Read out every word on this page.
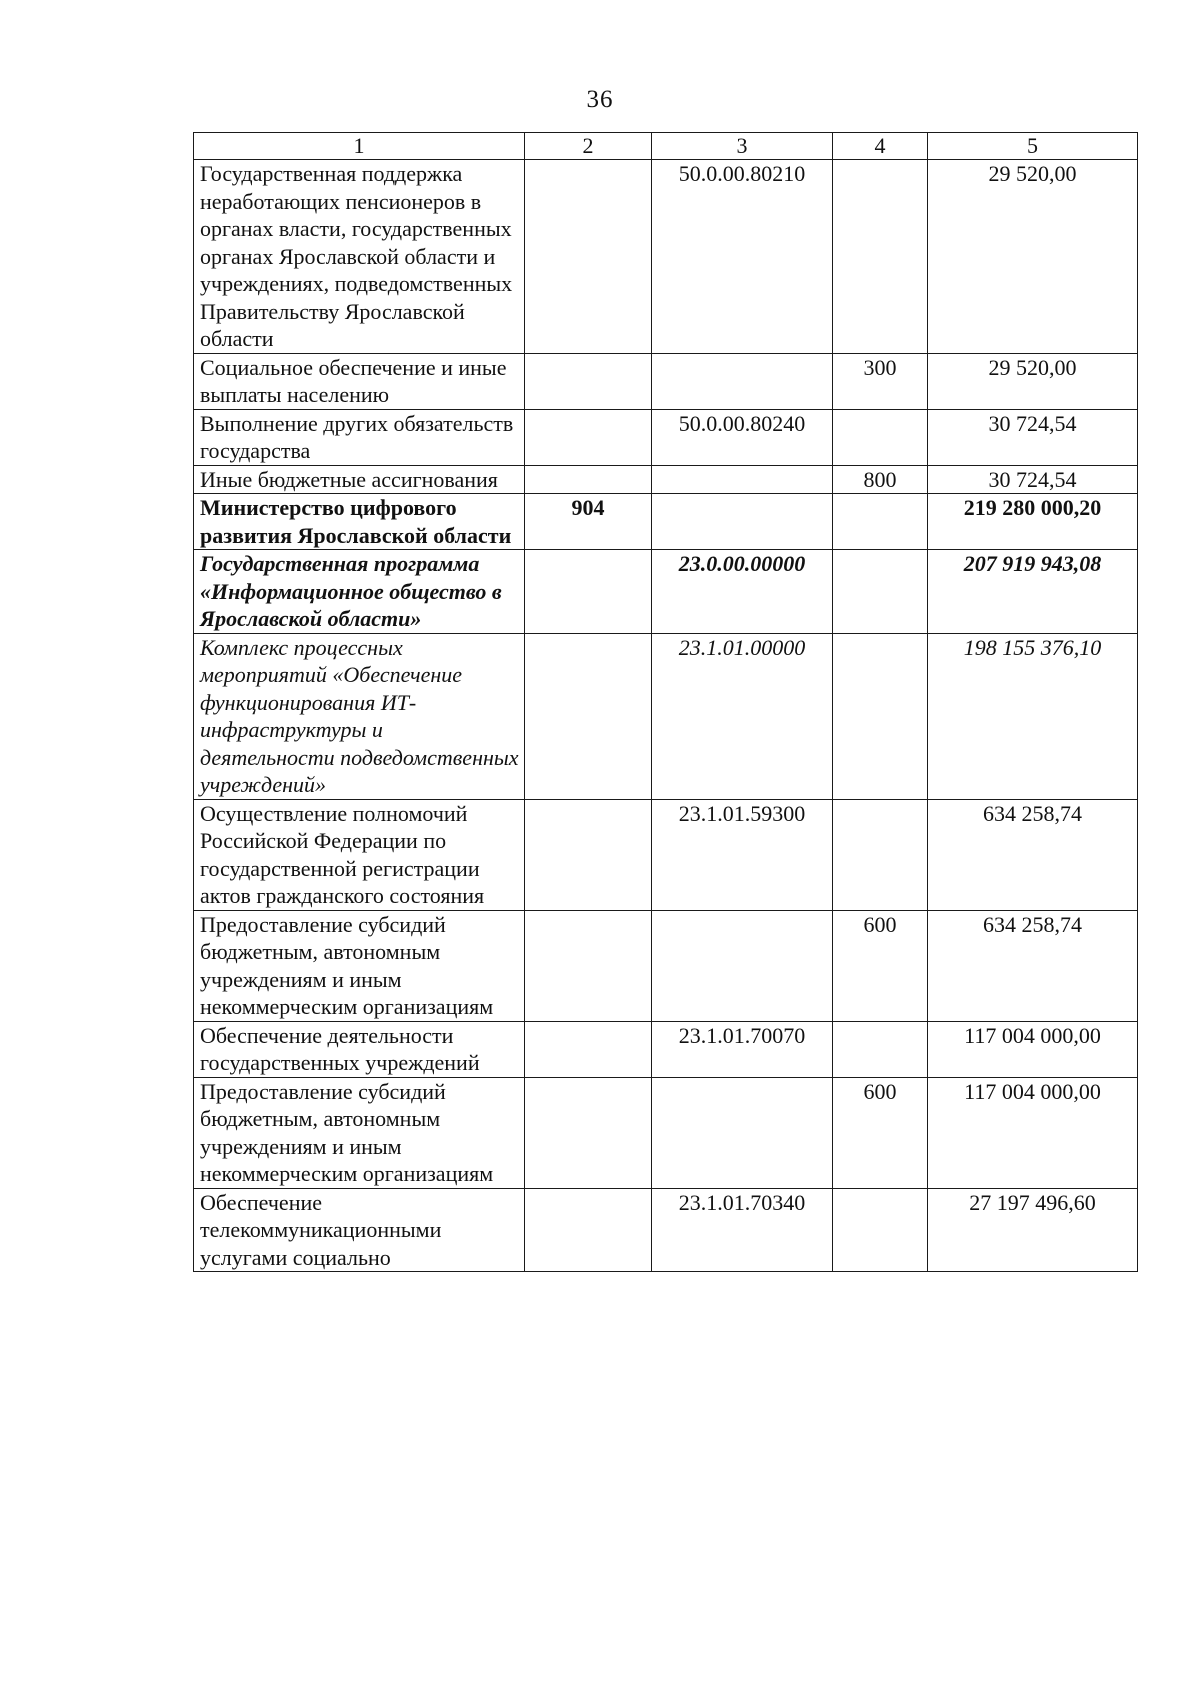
36
1	2	3	4	5
Государственная поддержка неработающих пенсионеров в органах власти, государственных органах Ярославской области и учреждениях, подведомственных Правительству Ярославской области		50.0.00.80210		29 520,00
Социальное обеспечение и иные выплаты населению			300	29 520,00
Выполнение других обязательств государства		50.0.00.80240		30 724,54
Иные бюджетные ассигнования			800	30 724,54
Министерство цифрового развития Ярославской области	904			219 280 000,20
Государственная программа «Информационное общество в Ярославской области»		23.0.00.00000		207 919 943,08
Комплекс процессных мероприятий «Обеспечение функционирования ИТ-инфраструктуры и деятельности подведомственных учреждений»		23.1.01.00000		198 155 376,10
Осуществление полномочий Российской Федерации по государственной регистрации актов гражданского состояния		23.1.01.59300		634 258,74
Предоставление субсидий бюджетным, автономным учреждениям и иным некоммерческим организациям			600	634 258,74
Обеспечение деятельности государственных учреждений		23.1.01.70070		117 004 000,00
Предоставление субсидий бюджетным, автономным учреждениям и иным некоммерческим организациям			600	117 004 000,00
Обеспечение телекоммуникационными услугами социально		23.1.01.70340		27 197 496,60
